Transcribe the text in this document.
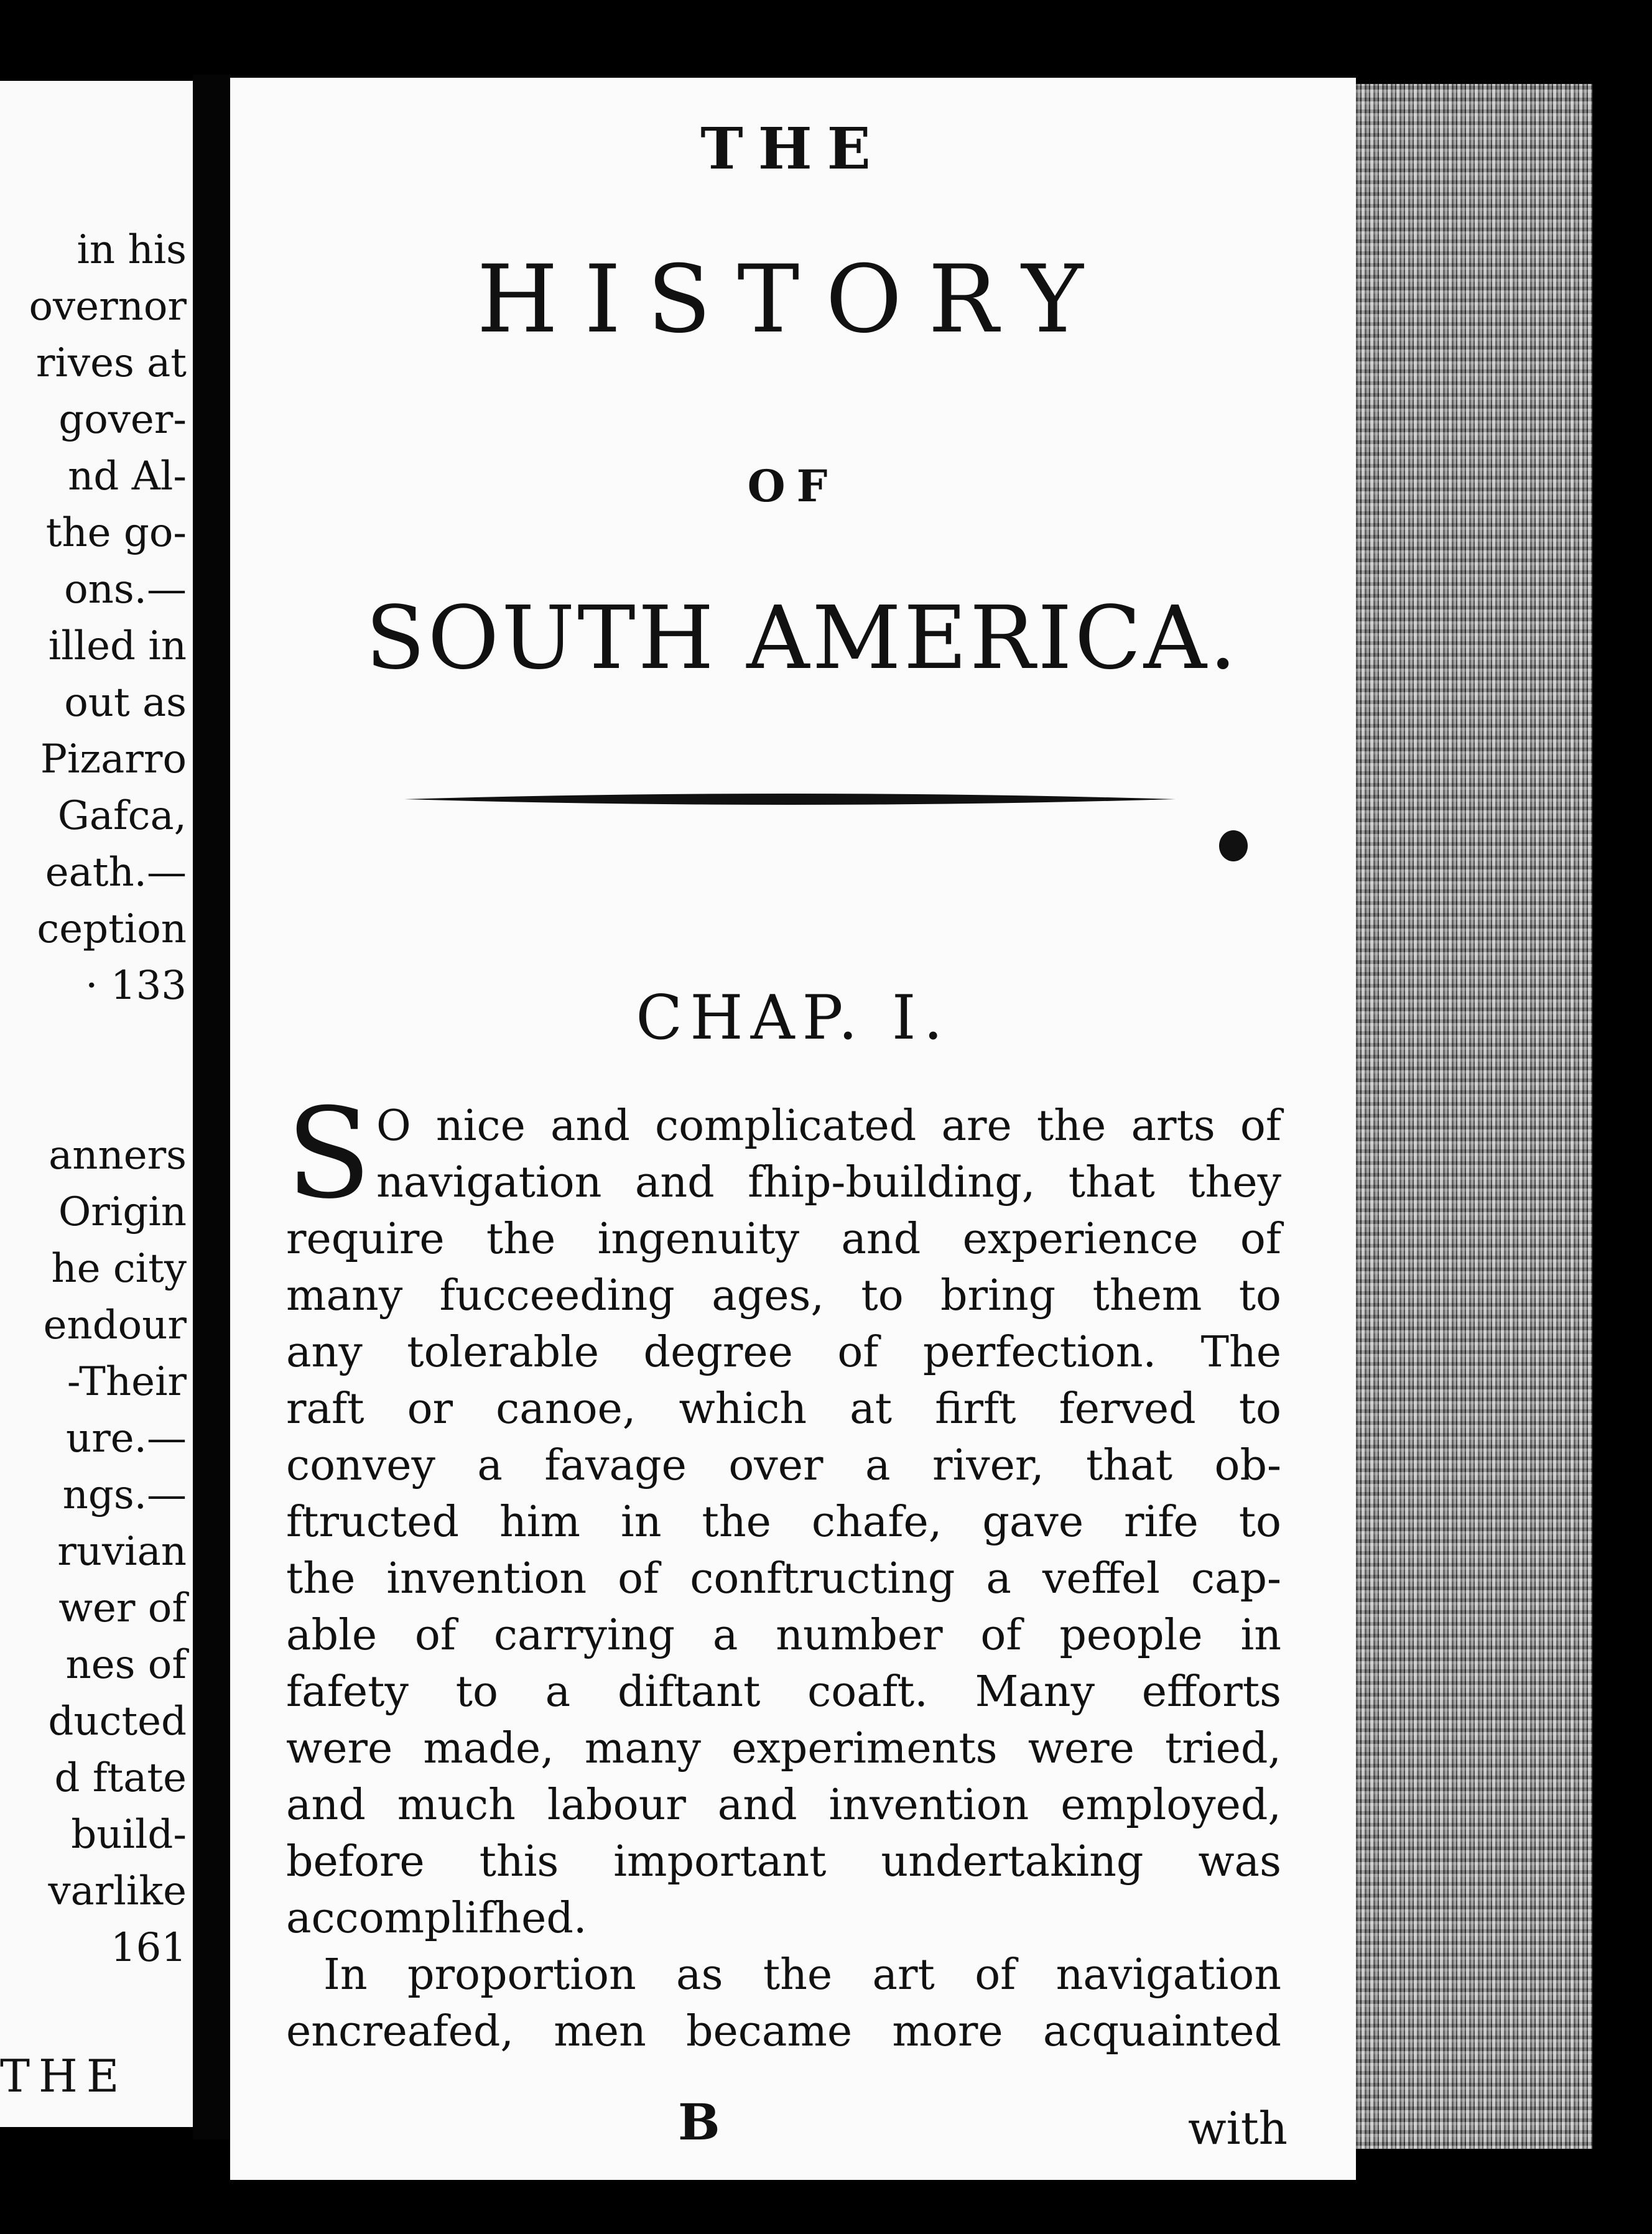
in his
overnor
rives at
gover-
nd Al-
the go-
ons.—
illed in
out as
Pizarro
Gafca,
eath.—
ception
· 133
anners
Origin
he city
endour
-Their
ure.—
ngs.—
ruvian
wer of
nes of
ducted
d ftate
build-
varlike
161
THE
THE
HISTORY
OF
SOUTH AMERICA.
CHAP. I.
S O nice and complicated are the arts of
navigation and fhip-building, that they
require the ingenuity and experience of
many fucceeding ages, to bring them to
any tolerable degree of perfection. The
raft or canoe, which at firft ferved to
convey a favage over a river, that ob-
ftructed him in the chafe, gave rife to
the invention of conftructing a veffel cap-
able of carrying a number of people in
fafety to a diftant coaft. Many efforts
were made, many experiments were tried,
and much labour and invention employed,
before this important undertaking was
accomplifhed.
In proportion as the art of navigation
encreafed, men became more acquainted
B	with
